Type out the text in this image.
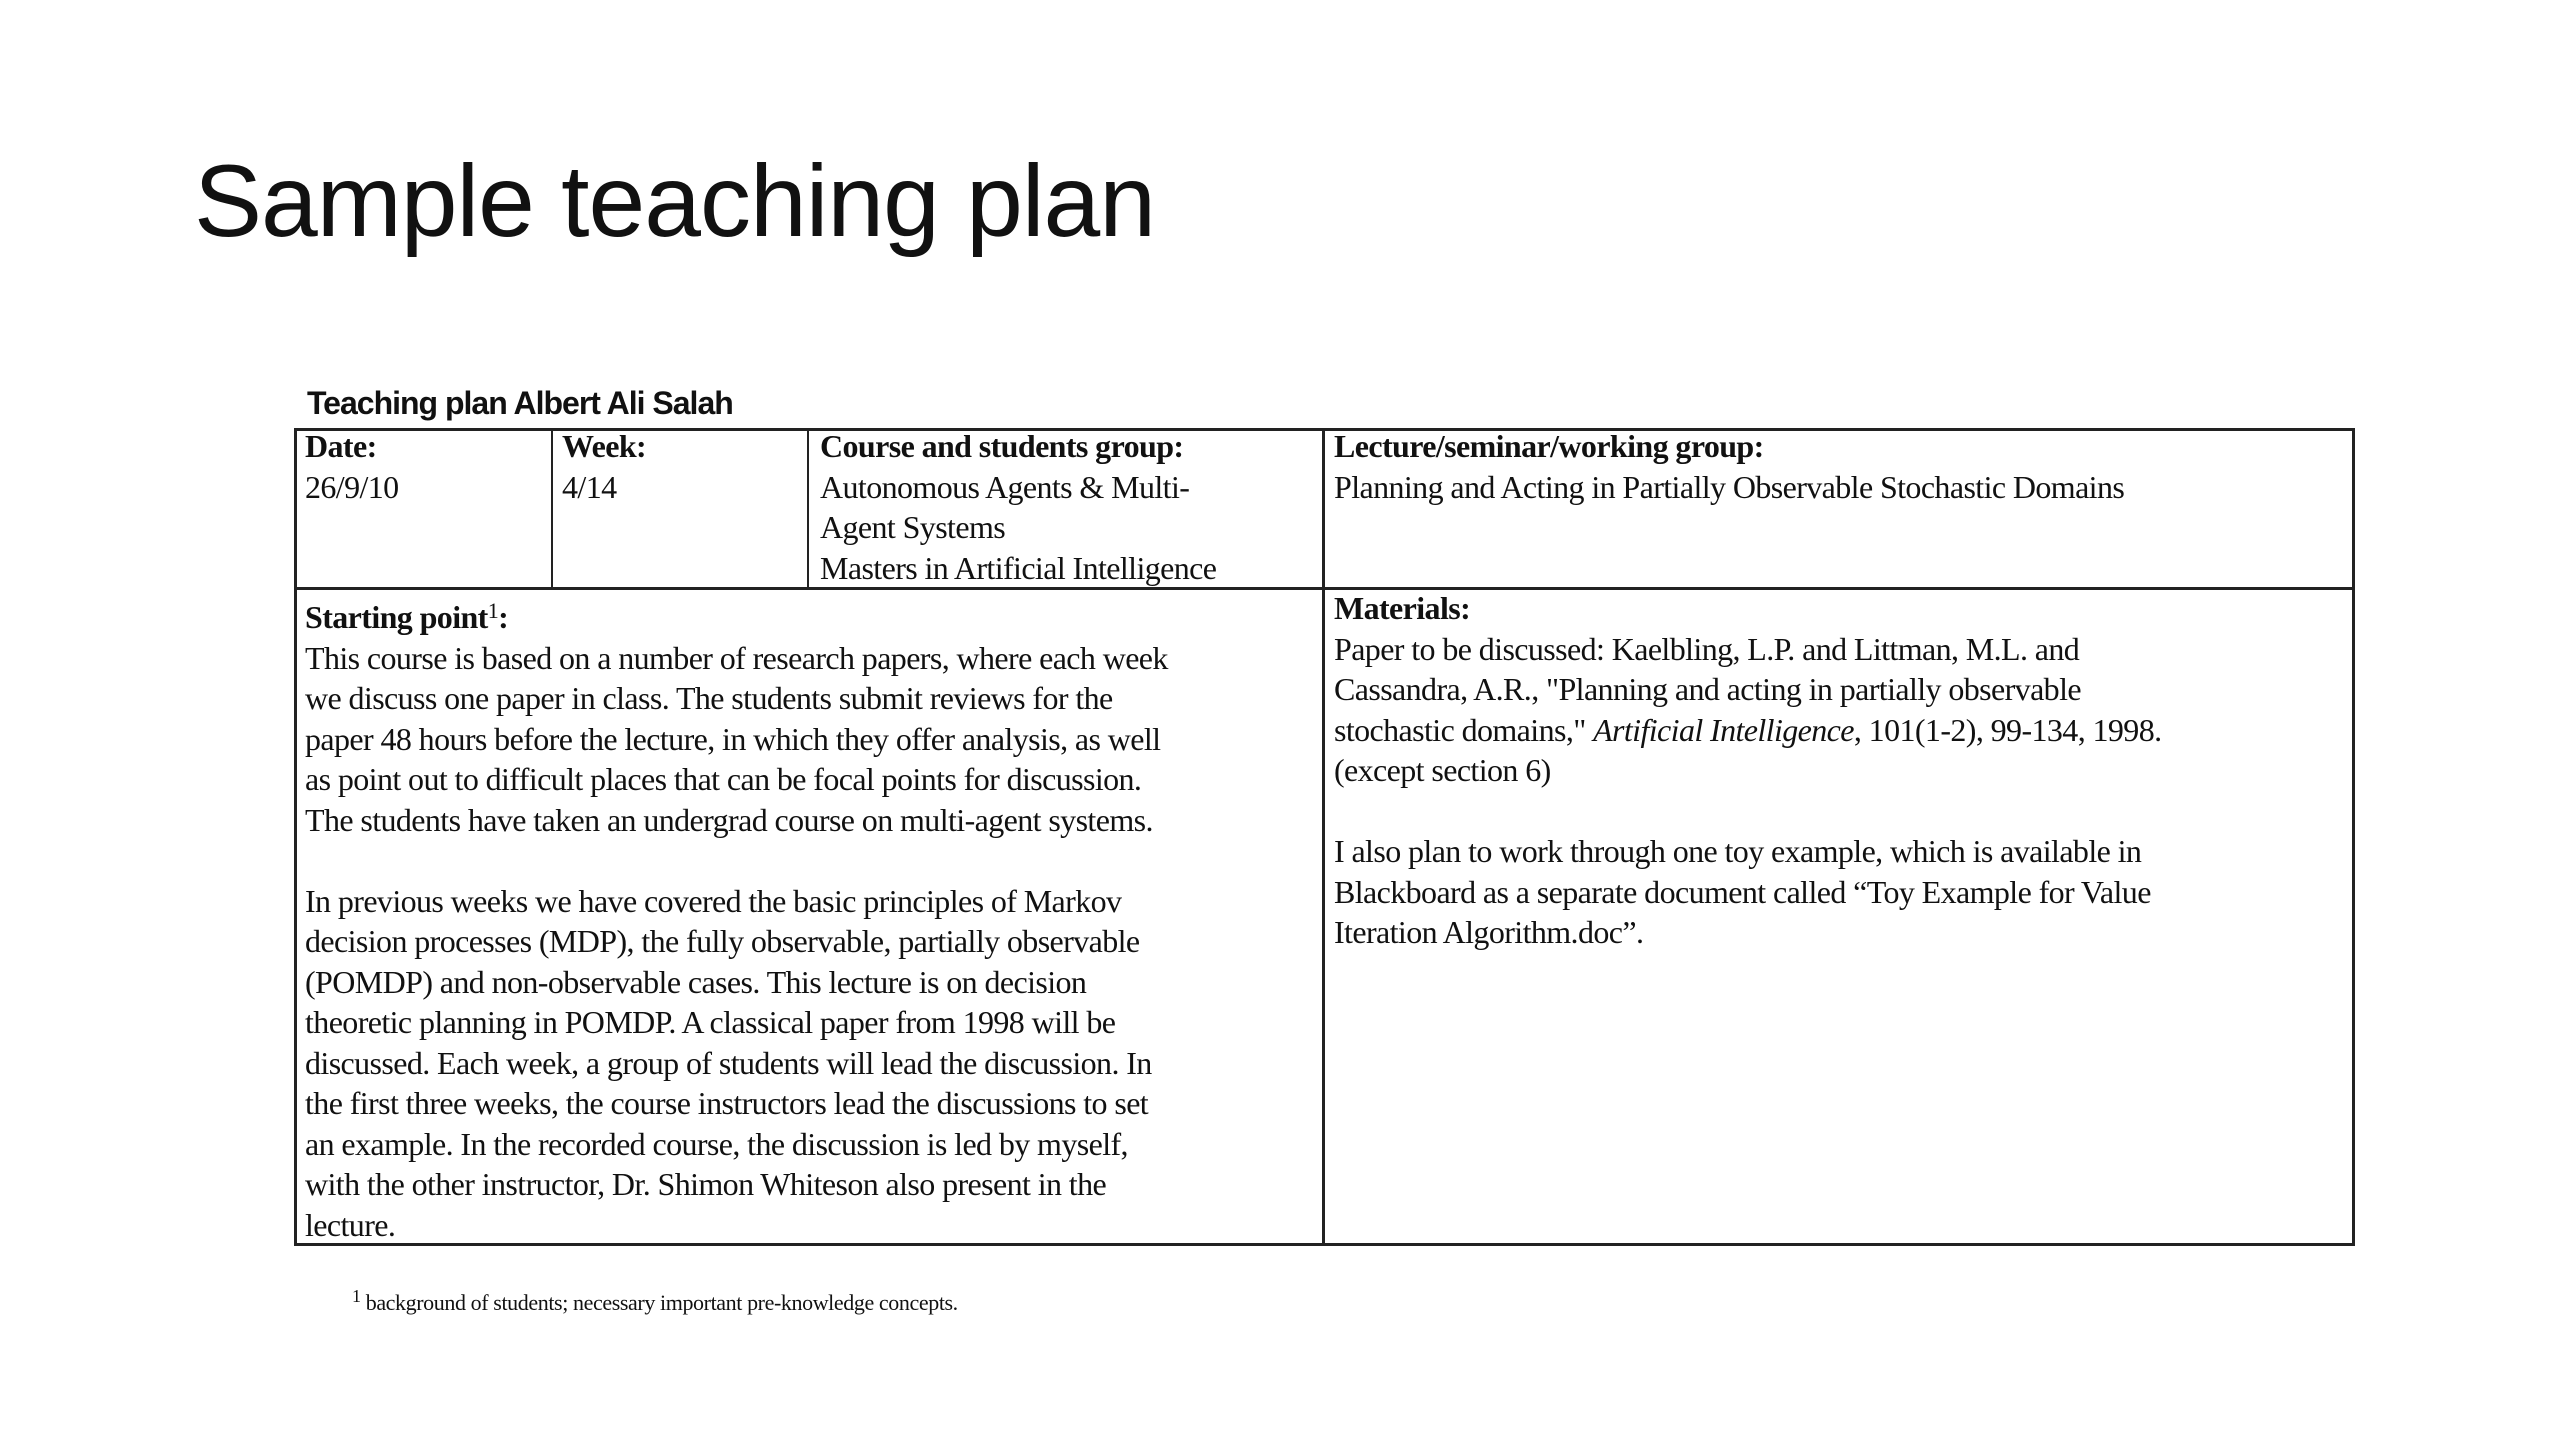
Sample teaching plan
Teaching plan Albert Ali Salah
Date:
26/9/10
Week:
4/14
Course and students group:
Autonomous Agents & Multi-
Agent Systems
Masters in Artificial Intelligence
Lecture/seminar/working group:
Planning and Acting in Partially Observable Stochastic Domains
Starting point$^1$:
This course is based on a number of research papers, where each week
we discuss one paper in class. The students submit reviews for the
paper 48 hours before the lecture, in which they offer analysis, as well
as point out to difficult places that can be focal points for discussion.
The students have taken an undergrad course on multi-agent systems.
In previous weeks we have covered the basic principles of Markov
decision processes (MDP), the fully observable, partially observable
(POMDP) and non-observable cases. This lecture is on decision
theoretic planning in POMDP. A classical paper from 1998 will be
discussed. Each week, a group of students will lead the discussion. In
the first three weeks, the course instructors lead the discussions to set
an example. In the recorded course, the discussion is led by myself,
with the other instructor, Dr. Shimon Whiteson also present in the
lecture.
Materials:
Paper to be discussed: Kaelbling, L.P. and Littman, M.L. and
Cassandra, A.R., "Planning and acting in partially observable
stochastic domains," Artificial Intelligence, 101(1-2), 99-134, 1998.
(except section 6)
I also plan to work through one toy example, which is available in
Blackboard as a separate document called “Toy Example for Value
Iteration Algorithm.doc”.
$^1$ background of students; necessary important pre-knowledge concepts.
